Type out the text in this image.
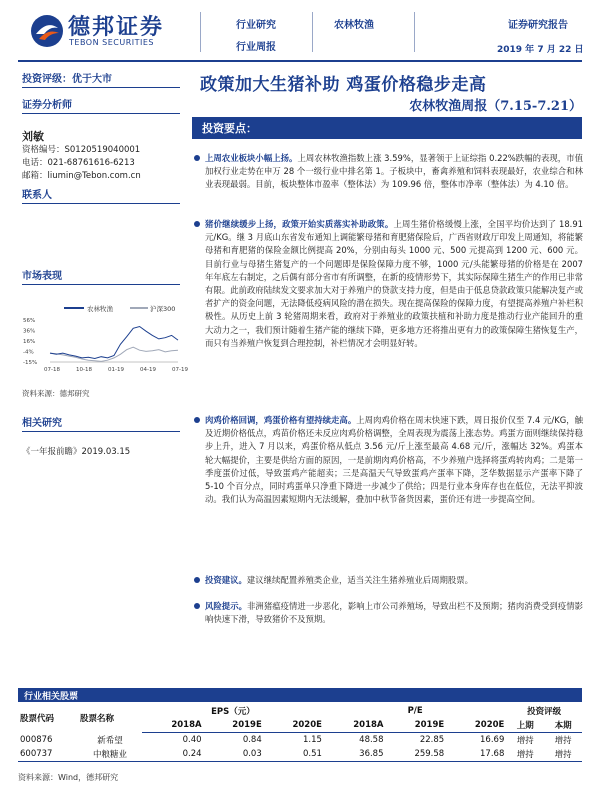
德邦证券
TEBON SECURITIES
行业研究
行业周报
农林牧渔	证券研究报告
2019 年 7 月 22 日
投资评级：优于大市
证券分析师
刘敏
资格编号：S0120519040001
电话：021-68761616-6213
邮箱：liumin@Tebon.com.cn
联系人
市场表现
农林牧渔	沪深300
56%
36%
16%
-4%
-15%
07-18	10-18	01-19	04-19	07-19
资料来源：德邦研究
相关研究
《一年报前瞻》2019.03.15
政策加大生猪补助 鸡蛋价格稳步走高
农林牧渔周报（7.15-7.21）
投资要点：
上周农业板块小幅上扬。上周农林牧渔指数上涨 3.59%，显著领于上证综指 0.22%跌幅的表现，市值加权行业走势在申万 28 个一级行业中排名第 1。子板块中，畜禽养殖和饲料表现最好，农业综合和林业表现最弱。目前，板块整体市盈率（整体法）为 109.96 倍，整体市净率（整体法）为 4.10 倍。
猪价继续缓步上扬，政策开始实质落实补助政策。上周生猪价格缓慢上涨，全国平均价达到了 18.91 元/KG。继 3 月底山东省发布通知上调能繁母猪和育肥猪保险后，广西省财政厅印发上周通知，将能繁母猪和育肥猪的保险金额比例提高 20%，分别由每头 1000 元、500 元提高到 1200 元、600 元。目前行业与母猪生猪复产的一个问题即是保险保障力度不够，1000 元/头能繁母猪的价格是在 2007 年年底左右制定，之后偶有部分省市有所调整，在新的疫情形势下，其实际保障生猪生产的作用已非常有限。此前政府陆续发文要求加大对于养殖户的贷款支持力度，但是由于低息贷款政策只能解决复产或者扩产的资金问题，无法降低疫病风险的潜在损失。现在提高保险的保障力度，有望提高养殖户补栏积极性。从历史上前 3 轮猪周期来看，政府对于养殖业的政策扶植和补助力度是推动行业产能回升的重大动力之一，我们预计随着生猪产能的继续下降，更多地方还将推出更有力的政策保障生猪恢复生产，而只有当养殖户恢复到合理控制，补栏情况才会明显好转。
肉鸡价格回调，鸡蛋价格有望持续走高。上周肉鸡价格在周末快速下跌，周日报价仅至 7.4 元/KG，触及近期价格低点，鸡苗价格还未反应肉鸡价格调整，全周表现为震荡上涨态势。鸡蛋方面则继续保持稳步上升，进入 7 月以来，鸡蛋价格从低点 3.56 元/斤上涨至最高 4.68 元/斤，涨幅达 32%。鸡蛋本轮大幅提价，主要是供给方面的原因，一是前期肉鸡价格高，不少养殖户选择将蛋鸡转肉鸡；二是第一季度蛋价过低，导致蛋鸡产能超卖；三是高温天气导致蛋鸡产蛋率下降，芝华数据显示产蛋率下降了 5-10 个百分点，同时鸡蛋单只净重下降进一步减少了供给；四是行业本身库存也在低位，无法平抑波动。我们认为高温因素短期内无法缓解，叠加中秋节备货因素，蛋价还有进一步提高空间。
投资建议。建议继续配置养殖类企业，适当关注生猪养殖业后周期股票。
风险提示。非洲猪瘟疫情进一步恶化，影响上市公司养殖场，导致出栏不及预期；猪肉消费受到疫情影响快速下滑，导致猪价不及预期。
行业相关股票
股票代码	股票名称	EPS（元）			P/E			投资评级	
		2018A	2019E	2020E	2018A	2019E	2020E	上期	本期
000876	新希望	0.40	0.84	1.15	48.58	22.85	16.69	增持	增持
600737	中粮糖业	0.24	0.03	0.51	36.85	259.58	17.68	增持	增持
资料来源：Wind，德邦研究
